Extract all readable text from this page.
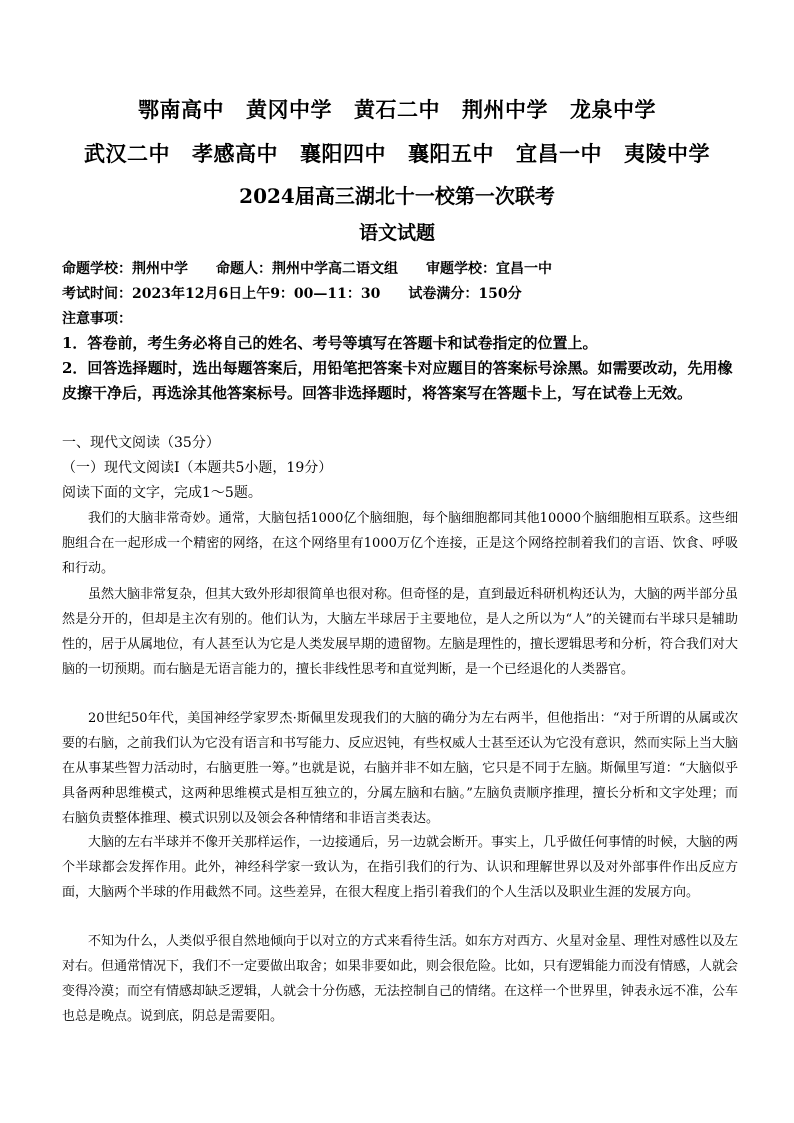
鄂南高中 黄冈中学 黄石二中 荆州中学 龙泉中学
武汉二中 孝感高中 襄阳四中 襄阳五中 宜昌一中 夷陵中学
2024届高三湖北十一校第一次联考
语文试题
命题学校：荆州中学 命题人：荆州中学高二语文组 审题学校：宜昌一中
考试时间：2023年12月6日上午9：00—11：30 试卷满分：150分
注意事项：
1．答卷前，考生务必将自己的姓名、考号等填写在答题卡和试卷指定的位置上。
2．回答选择题时，选出每题答案后，用铅笔把答案卡对应题目的答案标号涂黑。如需要改动，先用橡皮擦干净后，再选涂其他答案标号。回答非选择题时，将答案写在答题卡上，写在试卷上无效。
一、现代文阅读（35分）
（一）现代文阅读Ⅰ（本题共5小题，19分）
阅读下面的文字，完成1～5题。
我们的大脑非常奇妙。通常，大脑包括1000亿个脑细胞，每个脑细胞都同其他10000个脑细胞相互联系。这些细胞组合在一起形成一个精密的网络，在这个网络里有1000万亿个连接，正是这个网络控制着我们的言语、饮食、呼吸和行动。
虽然大脑非常复杂，但其大致外形却很简单也很对称。但奇怪的是，直到最近科研机构还认为，大脑的两半部分虽然是分开的，但却是主次有别的。他们认为，大脑左半球居于主要地位，是人之所以为“人”的关键而右半球只是辅助性的，居于从属地位，有人甚至认为它是人类发展早期的遗留物。左脑是理性的，擅长逻辑思考和分析，符合我们对大脑的一切预期。而右脑是无语言能力的，擅长非线性思考和直觉判断，是一个已经退化的人类器官。
20世纪50年代，美国神经学家罗杰·斯佩里发现我们的大脑的确分为左右两半，但他指出：“对于所谓的从属或次要的右脑，之前我们认为它没有语言和书写能力、反应迟钝，有些权威人士甚至还认为它没有意识，然而实际上当大脑在从事某些智力活动时，右脑更胜一筹。”也就是说，右脑并非不如左脑，它只是不同于左脑。斯佩里写道：“大脑似乎具备两种思维模式，这两种思维模式是相互独立的，分属左脑和右脑。”左脑负责顺序推理，擅长分析和文字处理；而右脑负责整体推理、模式识别以及领会各种情绪和非语言类表达。
大脑的左右半球并不像开关那样运作，一边接通后，另一边就会断开。事实上，几乎做任何事情的时候，大脑的两个半球都会发挥作用。此外，神经科学家一致认为，在指引我们的行为、认识和理解世界以及对外部事件作出反应方面，大脑两个半球的作用截然不同。这些差异，在很大程度上指引着我们的个人生活以及职业生涯的发展方向。
不知为什么，人类似乎很自然地倾向于以对立的方式来看待生活。如东方对西方、火星对金星、理性对感性以及左对右。但通常情况下，我们不一定要做出取舍；如果非要如此，则会很危险。比如，只有逻辑能力而没有情感，人就会变得冷漠；而空有情感却缺乏逻辑，人就会十分伤感，无法控制自己的情绪。在这样一个世界里，钟表永远不准，公车也总是晚点。说到底，阴总是需要阳。
